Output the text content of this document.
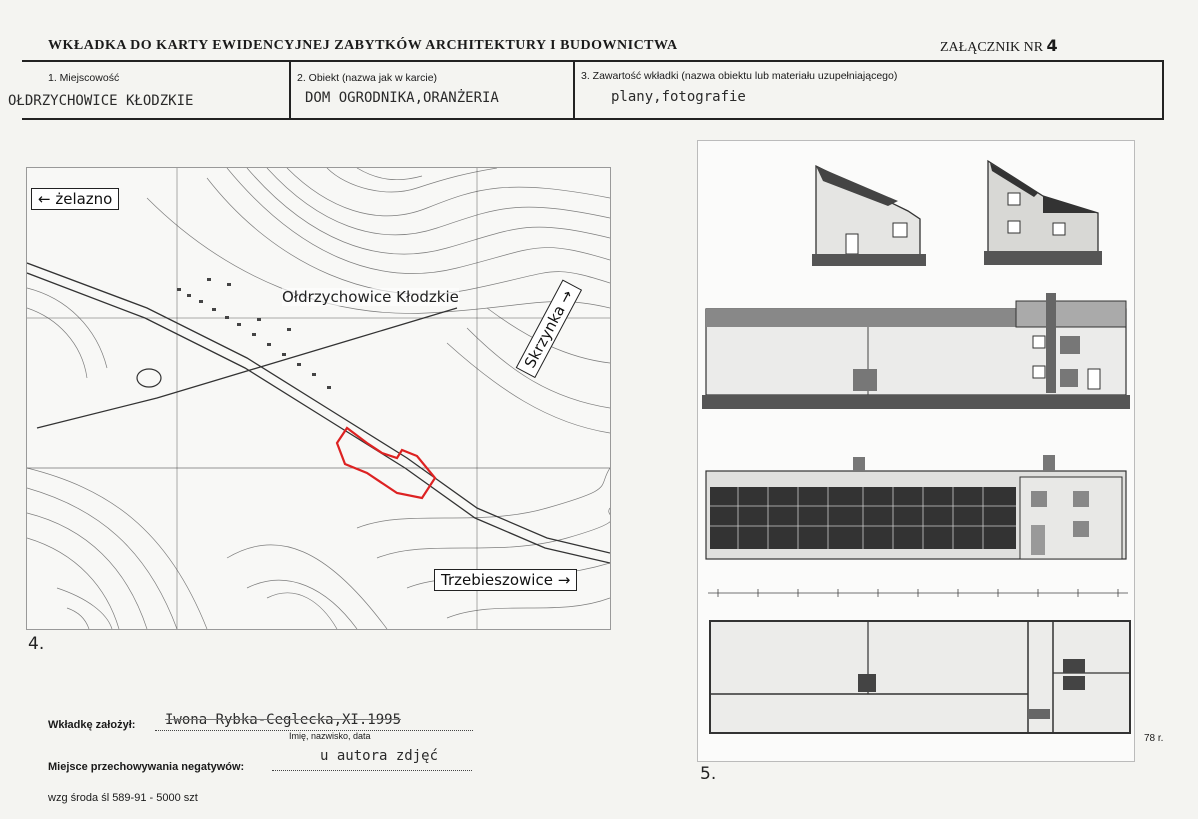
WKŁADKA DO KARTY EWIDENCYJNEJ ZABYTKÓW ARCHITEKTURY I BUDOWNICTWA	ZAŁĄCZNIK NR 4
1. Miejscowość
OŁDRZYCHOWICE KŁODZKIE
2. Obiekt (nazwa jak w karcie)
DOM OGRODNIKA,ORANŻERIA
3. Zawartość wkładki (nazwa obiektu lub materiału uzupełniającego)
plany,fotografie
← żelazno
Ołdrzychowice Kłodzkie	Skrzynka →
Trzebieszowice →
4.
78 r.
5.
Wkładkę założył: Iwona Rybka-Ceglecka,XI.1995
Imię, nazwisko, data
Miejsce przechowywania negatywów:
u autora zdjęć
wzg środa śl 589-91 - 5000 szt
